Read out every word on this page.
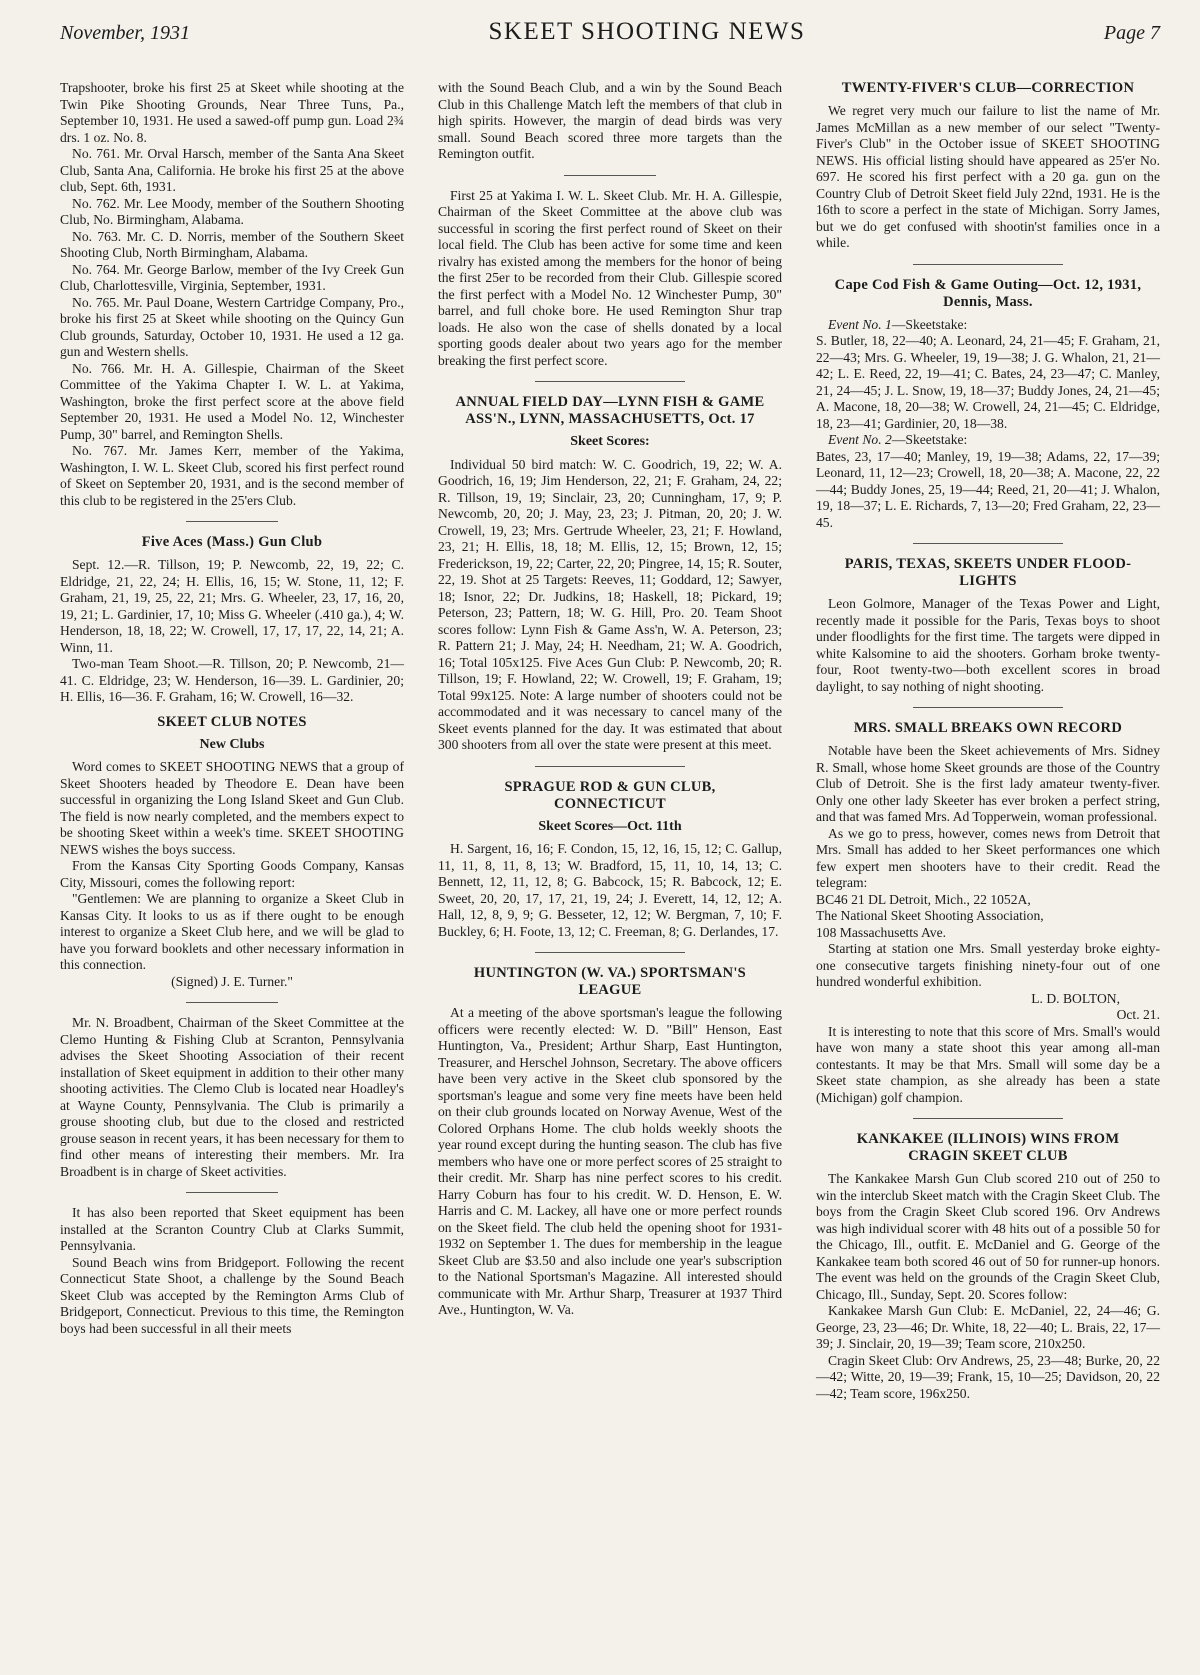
November, 1931	SKEET SHOOTING NEWS	Page 7

Trapshooter, broke his first 25 at Skeet while shooting at the Twin Pike Shooting Grounds, Near Three Tuns, Pa., September 10, 1931. He used a sawed-off pump gun. Load 2¾ drs. 1 oz. No. 8.

No. 761. Mr. Orval Harsch, member of the Santa Ana Skeet Club, Santa Ana, California. He broke his first 25 at the above club, Sept. 6th, 1931.

No. 762. Mr. Lee Moody, member of the Southern Shooting Club, No. Birmingham, Alabama.

No. 763. Mr. C. D. Norris, member of the Southern Skeet Shooting Club, North Birmingham, Alabama.

No. 764. Mr. George Barlow, member of the Ivy Creek Gun Club, Charlottesville, Virginia, September, 1931.

No. 765. Mr. Paul Doane, Western Cartridge Company, Pro., broke his first 25 at Skeet while shooting on the Quincy Gun Club grounds, Saturday, October 10, 1931. He used a 12 ga. gun and Western shells.

No. 766. Mr. H. A. Gillespie, Chairman of the Skeet Committee of the Yakima Chapter I. W. L. at Yakima, Washington, broke the first perfect score at the above field September 20, 1931. He used a Model No. 12, Winchester Pump, 30" barrel, and Remington Shells.

No. 767. Mr. James Kerr, member of the Yakima, Washington, I. W. L. Skeet Club, scored his first perfect round of Skeet on September 20, 1931, and is the second member of this club to be registered in the 25'ers Club.

Five Aces (Mass.) Gun Club

Sept. 12.—R. Tillson, 19; P. Newcomb, 22, 19, 22; C. Eldridge, 21, 22, 24; H. Ellis, 16, 15; W. Stone, 11, 12; F. Graham, 21, 19, 25, 22, 21; Mrs. G. Wheeler, 23, 17, 16, 20, 19, 21; L. Gardinier, 17, 10; Miss G. Wheeler (.410 ga.), 4; W. Henderson, 18, 18, 22; W. Crowell, 17, 17, 17, 22, 14, 21; A. Winn, 11.

Two-man Team Shoot.—R. Tillson, 20; P. Newcomb, 21—41. C. Eldridge, 23; W. Henderson, 16—39. L. Gardinier, 20; H. Ellis, 16—36. F. Graham, 16; W. Crowell, 16—32.

SKEET CLUB NOTES
New Clubs

Word comes to SKEET SHOOTING NEWS that a group of Skeet Shooters headed by Theodore E. Dean have been successful in organizing the Long Island Skeet and Gun Club. The field is now nearly completed, and the members expect to be shooting Skeet within a week's time. SKEET SHOOTING NEWS wishes the boys success.

From the Kansas City Sporting Goods Company, Kansas City, Missouri, comes the following report:

"Gentlemen: We are planning to organize a Skeet Club in Kansas City. It looks to us as if there ought to be enough interest to organize a Skeet Club here, and we will be glad to have you forward booklets and other necessary information in this connection.

(Signed) J. E. Turner."

Mr. N. Broadbent, Chairman of the Skeet Committee at the Clemo Hunting & Fishing Club at Scranton, Pennsylvania advises the Skeet Shooting Association of their recent installation of Skeet equipment in addition to their other many shooting activities. The Clemo Club is located near Hoadley's at Wayne County, Pennsylvania. The Club is primarily a grouse shooting club, but due to the closed and restricted grouse season in recent years, it has been necessary for them to find other means of interesting their members. Mr. Ira Broadbent is in charge of Skeet activities.

It has also been reported that Skeet equipment has been installed at the Scranton Country Club at Clarks Summit, Pennsylvania.

Sound Beach wins from Bridgeport. Following the recent Connecticut State Shoot, a challenge by the Sound Beach Skeet Club was accepted by the Remington Arms Club of Bridgeport, Connecticut. Previous to this time, the Remington boys had been successful in all their meets

with the Sound Beach Club, and a win by the Sound Beach Club in this Challenge Match left the members of that club in high spirits. However, the margin of dead birds was very small. Sound Beach scored three more targets than the Remington outfit.

First 25 at Yakima I. W. L. Skeet Club. Mr. H. A. Gillespie, Chairman of the Skeet Committee at the above club was successful in scoring the first perfect round of Skeet on their local field. The Club has been active for some time and keen rivalry has existed among the members for the honor of being the first 25er to be recorded from their Club. Gillespie scored the first perfect with a Model No. 12 Winchester Pump, 30" barrel, and full choke bore. He used Remington Shur trap loads. He also won the case of shells donated by a local sporting goods dealer about two years ago for the member breaking the first perfect score.

ANNUAL FIELD DAY—LYNN FISH & GAME ASS'N., LYNN, MASSACHUSETTS, Oct. 17
Skeet Scores:

Individual 50 bird match: W. C. Goodrich, 19, 22; W. A. Goodrich, 16, 19; Jim Henderson, 22, 21; F. Graham, 24, 22; R. Tillson, 19, 19; Sinclair, 23, 20; Cunningham, 17, 9; P. Newcomb, 20, 20; J. May, 23, 23; J. Pitman, 20, 20; J. W. Crowell, 19, 23; Mrs. Gertrude Wheeler, 23, 21; F. Howland, 23, 21; H. Ellis, 18, 18; M. Ellis, 12, 15; Brown, 12, 15; Frederickson, 19, 22; Carter, 22, 20; Pingree, 14, 15; R. Souter, 22, 19. Shot at 25 Targets: Reeves, 11; Goddard, 12; Sawyer, 18; Isnor, 22; Dr. Judkins, 18; Haskell, 18; Pickard, 19; Peterson, 23; Pattern, 18; W. G. Hill, Pro. 20. Team Shoot scores follow: Lynn Fish & Game Ass'n, W. A. Peterson, 23; R. Pattern 21; J. May, 24; H. Needham, 21; W. A. Goodrich, 16; Total 105x125. Five Aces Gun Club: P. Newcomb, 20; R. Tillson, 19; F. Howland, 22; W. Crowell, 19; F. Graham, 19; Total 99x125. Note: A large number of shooters could not be accommodated and it was necessary to cancel many of the Skeet events planned for the day. It was estimated that about 300 shooters from all over the state were present at this meet.

SPRAGUE ROD & GUN CLUB, CONNECTICUT
Skeet Scores—Oct. 11th

H. Sargent, 16, 16; F. Condon, 15, 12, 16, 15, 12; C. Gallup, 11, 11, 8, 11, 8, 13; W. Bradford, 15, 11, 10, 14, 13; C. Bennett, 12, 11, 12, 8; G. Babcock, 15; R. Babcock, 12; E. Sweet, 20, 20, 17, 17, 21, 19, 24; J. Everett, 14, 12, 12; A. Hall, 12, 8, 9, 9; G. Besseter, 12, 12; W. Bergman, 7, 10; F. Buckley, 6; H. Foote, 13, 12; C. Freeman, 8; G. Derlandes, 17.

HUNTINGTON (W. VA.) SPORTSMAN'S LEAGUE

At a meeting of the above sportsman's league the following officers were recently elected: W. D. "Bill" Henson, East Huntington, Va., President; Arthur Sharp, East Huntington, Treasurer, and Herschel Johnson, Secretary. The above officers have been very active in the Skeet club sponsored by the sportsman's league and some very fine meets have been held on their club grounds located on Norway Avenue, West of the Colored Orphans Home. The club holds weekly shoots the year round except during the hunting season. The club has five members who have one or more perfect scores of 25 straight to their credit. Mr. Sharp has nine perfect scores to his credit. Harry Coburn has four to his credit. W. D. Henson, E. W. Harris and C. M. Lackey, all have one or more perfect rounds on the Skeet field. The club held the opening shoot for 1931-1932 on September 1. The dues for membership in the league Skeet Club are $3.50 and also include one year's subscription to the National Sportsman's Magazine. All interested should communicate with Mr. Arthur Sharp, Treasurer at 1937 Third Ave., Huntington, W. Va.

TWENTY-FIVER'S CLUB—CORRECTION

We regret very much our failure to list the name of Mr. James McMillan as a new member of our select "Twenty-Fiver's Club" in the October issue of SKEET SHOOTING NEWS. His official listing should have appeared as 25'er No. 697. He scored his first perfect with a 20 ga. gun on the Country Club of Detroit Skeet field July 22nd, 1931. He is the 16th to score a perfect in the state of Michigan. Sorry James, but we do get confused with shootin'st families once in a while.

Cape Cod Fish & Game Outing—Oct. 12, 1931, Dennis, Mass.

Event No. 1—Skeetstake:

S. Butler, 18, 22—40; A. Leonard, 24, 21—45; F. Graham, 21, 22—43; Mrs. G. Wheeler, 19, 19—38; J. G. Whalon, 21, 21—42; L. E. Reed, 22, 19—41; C. Bates, 24, 23—47; C. Manley, 21, 24—45; J. L. Snow, 19, 18—37; Buddy Jones, 24, 21—45; A. Macone, 18, 20—38; W. Crowell, 24, 21—45; C. Eldridge, 18, 23—41; Gardinier, 20, 18—38.

Event No. 2—Skeetstake:

Bates, 23, 17—40; Manley, 19, 19—38; Adams, 22, 17—39; Leonard, 11, 12—23; Crowell, 18, 20—38; A. Macone, 22, 22—44; Buddy Jones, 25, 19—44; Reed, 21, 20—41; J. Whalon, 19, 18—37; L. E. Richards, 7, 13—20; Fred Graham, 22, 23—45.

PARIS, TEXAS, SKEETS UNDER FLOOD-LIGHTS

Leon Golmore, Manager of the Texas Power and Light, recently made it possible for the Paris, Texas boys to shoot under floodlights for the first time. The targets were dipped in white Kalsomine to aid the shooters. Gorham broke twenty-four, Root twenty-two—both excellent scores in broad daylight, to say nothing of night shooting.

MRS. SMALL BREAKS OWN RECORD

Notable have been the Skeet achievements of Mrs. Sidney R. Small, whose home Skeet grounds are those of the Country Club of Detroit. She is the first lady amateur twenty-fiver. Only one other lady Skeeter has ever broken a perfect string, and that was famed Mrs. Ad Topperwein, woman professional.

As we go to press, however, comes news from Detroit that Mrs. Small has added to her Skeet performances one which few expert men shooters have to their credit. Read the telegram:

BC46 21 DL Detroit, Mich., 22 1052A,

The National Skeet Shooting Association,

108 Massachusetts Ave.

Starting at station one Mrs. Small yesterday broke eighty-one consecutive targets finishing ninety-four out of one hundred wonderful exhibition.

L. D. BOLTON,

Oct. 21.

It is interesting to note that this score of Mrs. Small's would have won many a state shoot this year among all-man contestants. It may be that Mrs. Small will some day be a Skeet state champion, as she already has been a state (Michigan) golf champion.

KANKAKEE (ILLINOIS) WINS FROM CRAGIN SKEET CLUB

The Kankakee Marsh Gun Club scored 210 out of 250 to win the interclub Skeet match with the Cragin Skeet Club. The boys from the Cragin Skeet Club scored 196. Orv Andrews was high individual scorer with 48 hits out of a possible 50 for the Chicago, Ill., outfit. E. McDaniel and G. George of the Kankakee team both scored 46 out of 50 for runner-up honors. The event was held on the grounds of the Cragin Skeet Club, Chicago, Ill., Sunday, Sept. 20. Scores follow:

Kankakee Marsh Gun Club: E. McDaniel, 22, 24—46; G. George, 23, 23—46; Dr. White, 18, 22—40; L. Brais, 22, 17—39; J. Sinclair, 20, 19—39; Team score, 210x250.

Cragin Skeet Club: Orv Andrews, 25, 23—48; Burke, 20, 22—42; Witte, 20, 19—39; Frank, 15, 10—25; Davidson, 20, 22—42; Team score, 196x250.
